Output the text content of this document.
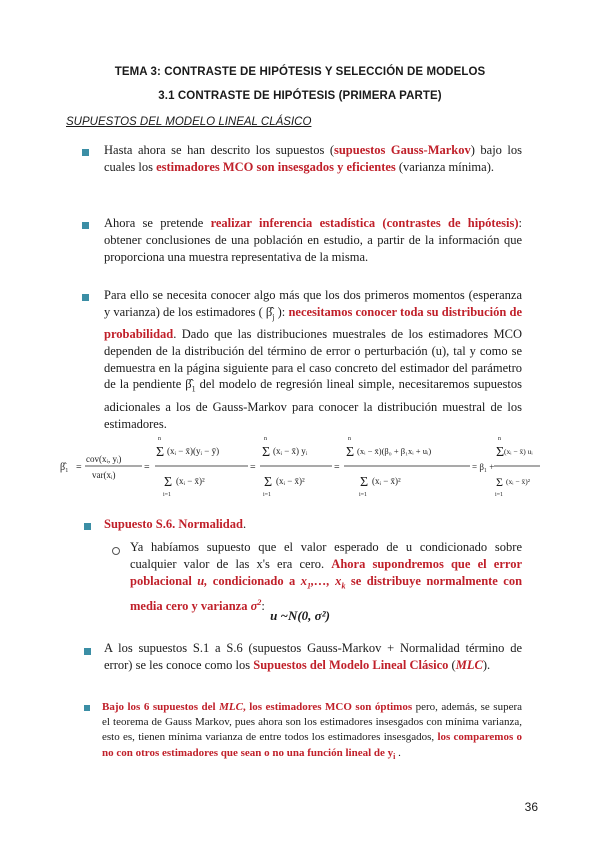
TEMA 3: CONTRASTE DE HIPÓTESIS Y SELECCIÓN DE MODELOS
3.1 CONTRASTE DE HIPÓTESIS (PRIMERA PARTE)
SUPUESTOS DEL MODELO LINEAL CLÁSICO
Hasta ahora se han descrito los supuestos (supuestos Gauss-Markov) bajo los cuales los estimadores MCO son insesgados y eficientes (varianza mínima).
Ahora se pretende realizar inferencia estadística (contrastes de hipótesis): obtener conclusiones de una población en estudio, a partir de la información que proporciona una muestra representativa de la misma.
Para ello se necesita conocer algo más que los dos primeros momentos (esperanza y varianza) de los estimadores ( $\betâ_j$ ): necesitamos conocer toda su distribución de probabilidad. Dado que las distribuciones muestrales de los estimadores MCO dependen de la distribución del término de error o perturbación (u), tal y como se demuestra en la página siguiente para el caso concreto del estimador del parámetro de la pendiente $\betâ_1$ del modelo de regresión lineal simple, necesitaremos supuestos adicionales a los de Gauss-Markov para conocer la distribución muestral de los estimadores.
β̂₁ =
cov(xᵢ, yᵢ)
var(xᵢ)
=
Σ
n
(xᵢ − x̄)(yᵢ − ȳ)
Σ
i=1
(xᵢ − x̄)²
=
Σ
n
(xᵢ − x̄) yᵢ
Σ
i=1
(xᵢ − x̄)²
=
Σ
n
(xᵢ − x̄)(β₀ + β₁xᵢ + uᵢ)
Σ
i=1
(xᵢ − x̄)²
= β₁ +
Σ
n
(xᵢ − x̄) uᵢ
Σ
i=1
(xᵢ − x̄)²
Supuesto S.6. Normalidad.
Ya habíamos supuesto que el valor esperado de u condicionado sobre cualquier valor de las x's era cero. Ahora supondremos que el error poblacional u, condicionado a $x_1,\dots$, $x_k$ se distribuye normalmente con media cero y varianza $\sigma^2$:
u ~N(0, σ²)
A los supuestos S.1 a S.6 (supuestos Gauss-Markov + Normalidad término de error) se les conoce como los Supuestos del Modelo Lineal Clásico (MLC).
Bajo los 6 supuestos del MLC, los estimadores MCO son óptimos pero, además, se supera el teorema de Gauss Markov, pues ahora son los estimadores insesgados con mínima varianza, esto es, tienen mínima varianza de entre todos los estimadores insesgados, los comparemos o no con otros estimadores que sean o no una función lineal de $y_i$ .
36
